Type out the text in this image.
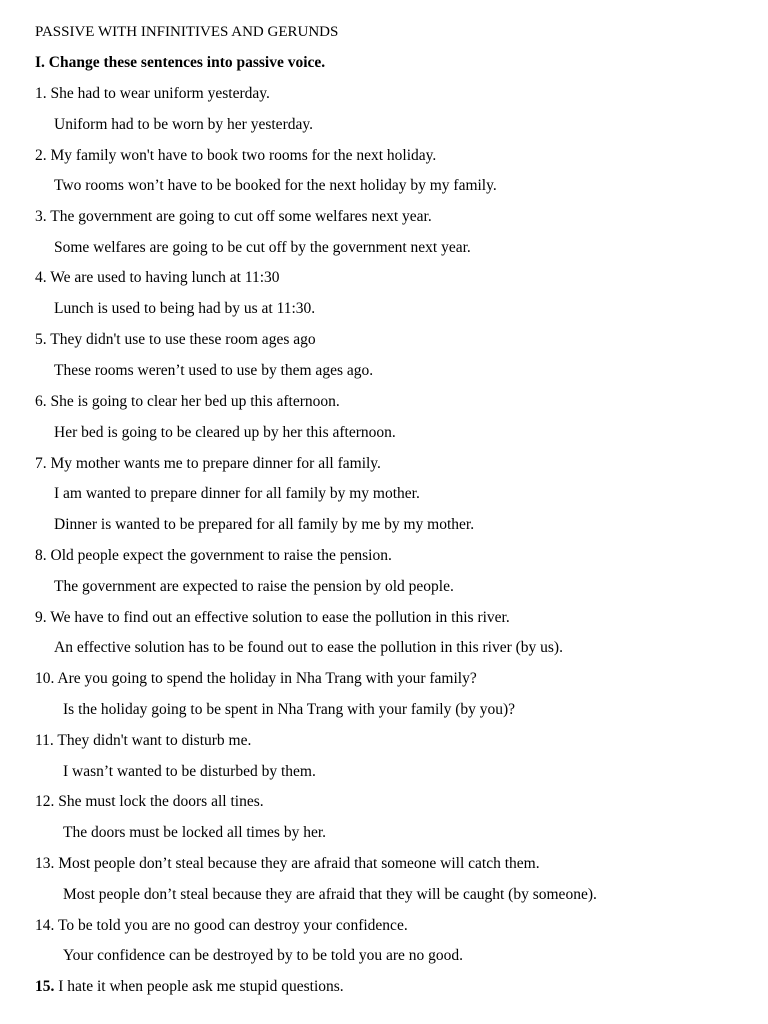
PASSIVE WITH INFINITIVES AND GERUNDS
I. Change these sentences into passive voice.
1. She had to wear uniform yesterday.
Uniform had to be worn by her yesterday.
2. My family won't have to book two rooms for the next holiday.
Two rooms won’t have to be booked for the next holiday by my family.
3. The government are going to cut off some welfares next year.
Some welfares are going to be cut off by the government next year.
4. We are used to having lunch at 11:30
Lunch is used to being had by us at 11:30.
5. They didn't use to use these room ages ago
These rooms weren’t used to use by them ages ago.
6. She is going to clear her bed up this afternoon.
Her bed is going to be cleared up by her this afternoon.
7. My mother wants me to prepare dinner for all family.
I am wanted to prepare dinner for all family by my mother.
Dinner is wanted to be prepared for all family by me by my mother.
8. Old people expect the government to raise the pension.
The government are expected to raise the pension by old people.
9. We have to find out an effective solution to ease the pollution in this river.
An effective solution has to be found out to ease the pollution in this river (by us).
10. Are you going to spend the holiday in Nha Trang with your family?
Is the holiday going to be spent in Nha Trang with your family (by you)?
11. They didn't want to disturb me.
I wasn’t wanted to be disturbed by them.
12. She must lock the doors all tines.
The doors must be locked all times by her.
13. Most people don’t steal because they are afraid that someone will catch them.
Most people don’t steal because they are afraid that they will be caught (by someone).
14. To be told you are no good can destroy your confidence.
Your confidence can be destroyed by to be told you are no good.
15. I hate it when people ask me stupid questions.
